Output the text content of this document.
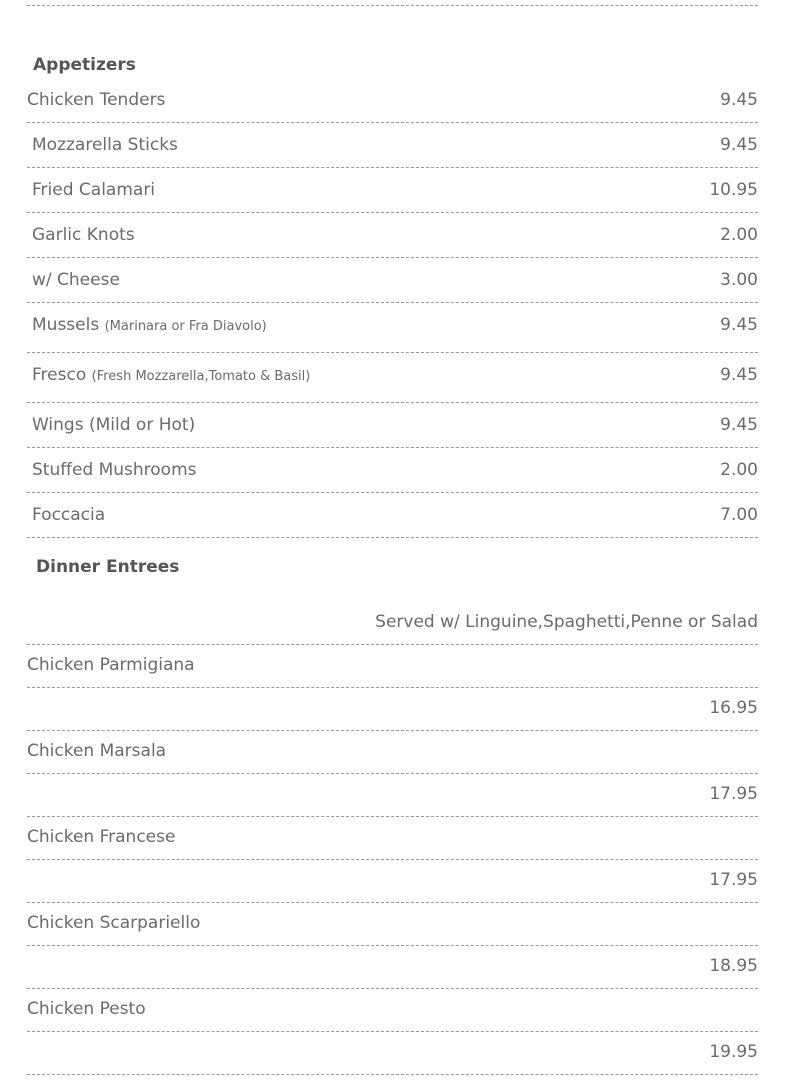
Appetizers
Chicken Tenders	9.45
Mozzarella Sticks	9.45
Fried Calamari	10.95
Garlic Knots	2.00
w/ Cheese	3.00
Mussels (Marinara or Fra Diavolo)	9.45
Fresco (Fresh Mozzarella,Tomato & Basil)	9.45
Wings (Mild or Hot)	9.45
Stuffed Mushrooms	2.00
Foccacia	7.00
Dinner Entrees
Served w/ Linguine,Spaghetti,Penne or Salad
Chicken Parmigiana
16.95
Chicken Marsala
17.95
Chicken Francese
17.95
Chicken Scarpariello
18.95
Chicken Pesto
19.95
